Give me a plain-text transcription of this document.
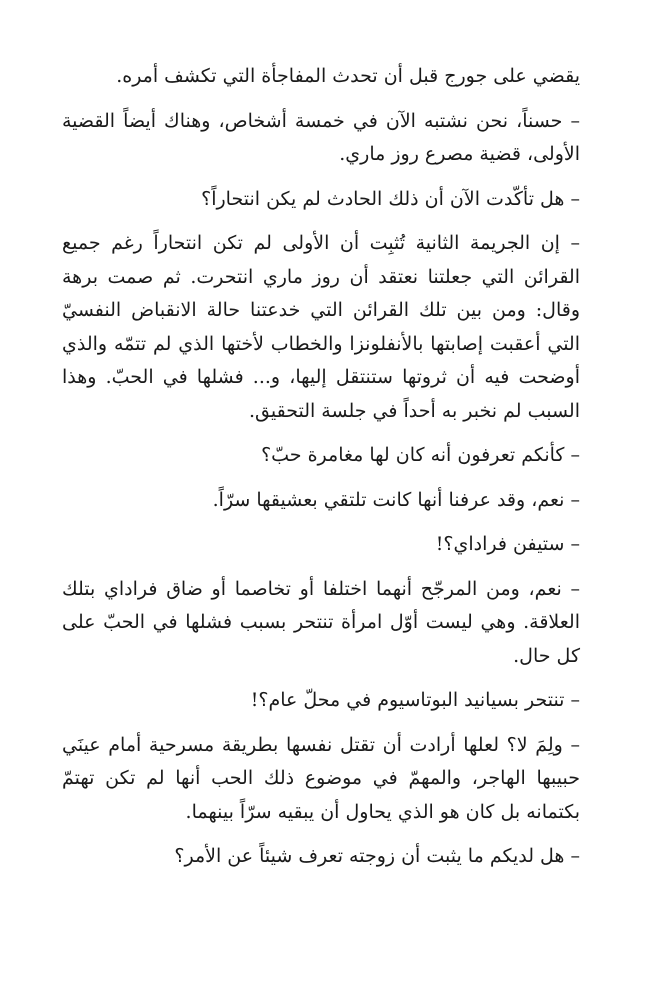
يقضي على جورج قبل أن تحدث المفاجأة التي تكشف أمره.

– حسناً، نحن نشتبه الآن في خمسة أشخاص، وهناك أيضاً القضية الأولى، قضية مصرع روز ماري.

– هل تأكّدت الآن أن ذلك الحادث لم يكن انتحاراً؟

– إن الجريمة الثانية تُثبِت أن الأولى لم تكن انتحاراً رغم جميع القرائن التي جعلتنا نعتقد أن روز ماري انتحرت. ثم صمت برهة وقال: ومن بين تلك القرائن التي خدعتنا حالة الانقباض النفسيّ التي أعقبت إصابتها بالأنفلونزا والخطاب لأختها الذي لم تتمّه والذي أوضحت فيه أن ثروتها ستنتقل إليها، و... فشلها في الحبّ. وهذا السبب لم نخبر به أحداً في جلسة التحقيق.

– كأنكم تعرفون أنه كان لها مغامرة حبّ؟

– نعم، وقد عرفنا أنها كانت تلتقي بعشيقها سرّاً.

– ستيفن فراداي؟!

– نعم، ومن المرجّح أنهما اختلفا أو تخاصما أو ضاق فراداي بتلك العلاقة. وهي ليست أوّل امرأة تنتحر بسبب فشلها في الحبّ على كل حال.

– تنتحر بسيانيد البوتاسيوم في محلّ عام؟!

– ولِمَ لا؟ لعلها أرادت أن تقتل نفسها بطريقة مسرحية أمام عينَي حبيبها الهاجر، والمهمّ في موضوع ذلك الحب أنها لم تكن تهتمّ بكتمانه بل كان هو الذي يحاول أن يبقيه سرّاً بينهما.

– هل لديكم ما يثبت أن زوجته تعرف شيئاً عن الأمر؟
